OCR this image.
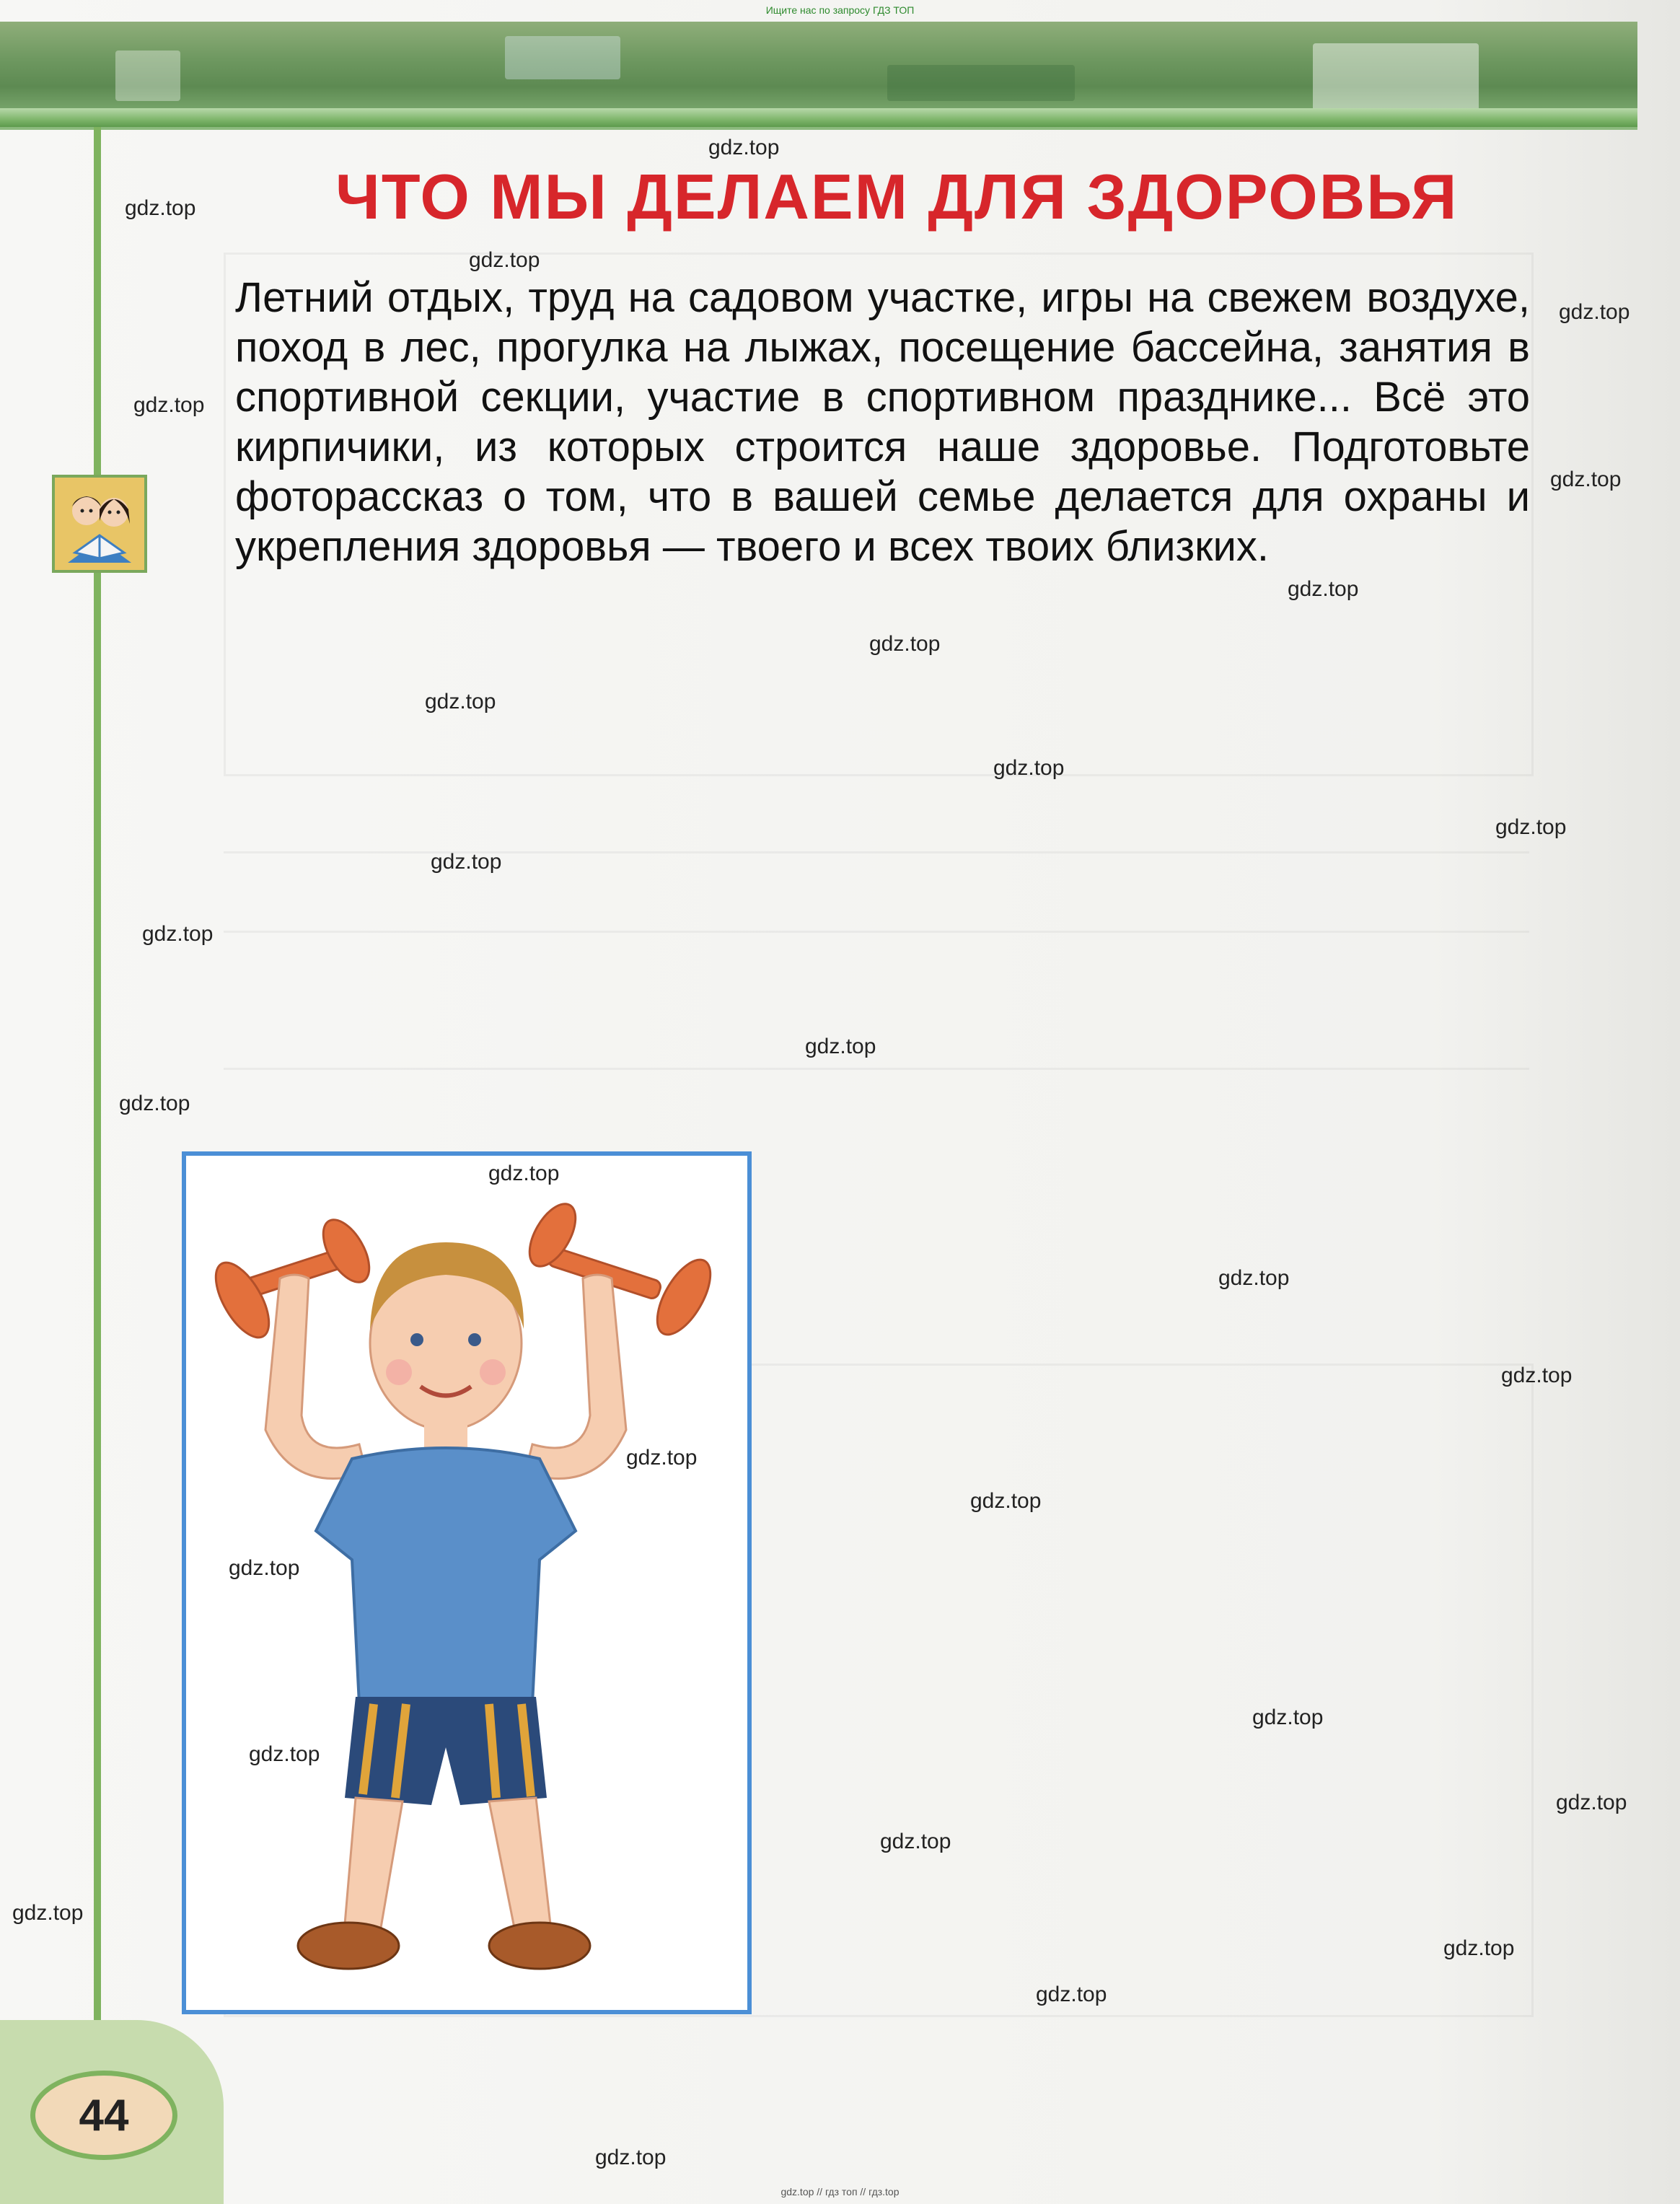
Ищите нас по запросу ГДЗ ТОП
ЧТО МЫ ДЕЛАЕМ ДЛЯ ЗДОРОВЬЯ

Летний отдых, труд на садовом участке, игры на свежем воздухе, поход в лес, прогулка на лыжах, посещение бассейна, занятия в спортивной секции, участие в спортивном празднике... Всё это кирпичики, из которых строится наше здоровье. Подготовьте фоторассказ о том, что в вашей семье делается для охраны и укрепления здоровья — твоего и всех твоих близких.

44
gdz.top
gdz.top
gdz.top
gdz.top
gdz.top
gdz.top
gdz.top
gdz.top
gdz.top
gdz.top
gdz.top
gdz.top
gdz.top
gdz.top
gdz.top
gdz.top
gdz.top
gdz.top
gdz.top
gdz.top
gdz.top
gdz.top
gdz.top
gdz.top
gdz.top
gdz.top
gdz.top
gdz.top
gdz.top
gdz.top // гдз топ // гдз.top
